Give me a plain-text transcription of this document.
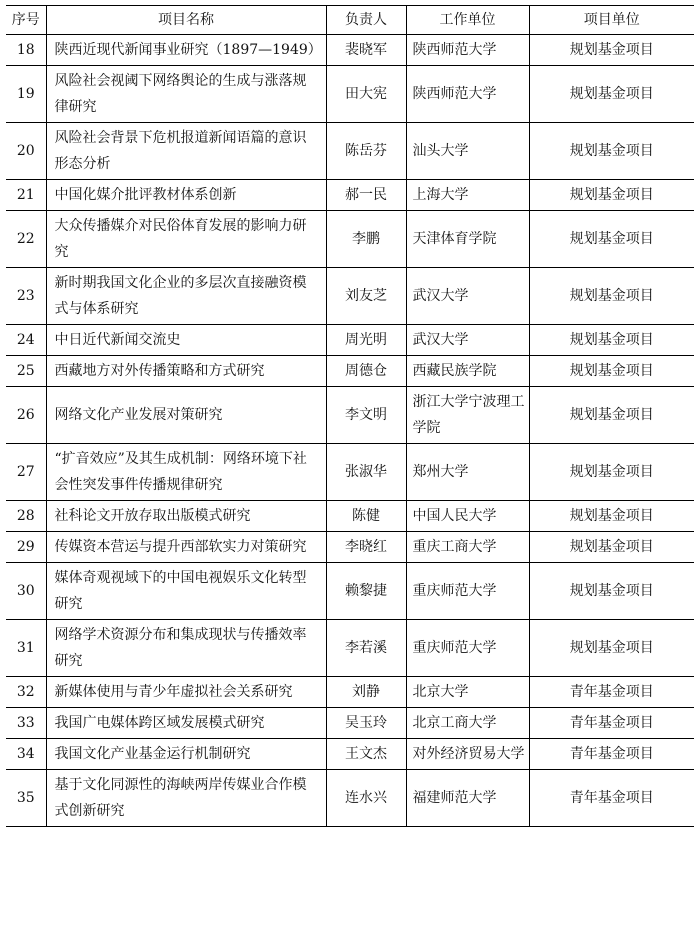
序号	项目名称	负责人	工作单位	项目单位
18	陕西近现代新闻事业研究（1897—1949）	裴晓军	陕西师范大学	规划基金项目
19	风险社会视阈下网络舆论的生成与涨落规律研究	田大宪	陕西师范大学	规划基金项目
20	风险社会背景下危机报道新闻语篇的意识形态分析	陈岳芬	汕头大学	规划基金项目
21	中国化媒介批评教材体系创新	郝一民	上海大学	规划基金项目
22	大众传播媒介对民俗体育发展的影响力研究	李鹏	天津体育学院	规划基金项目
23	新时期我国文化企业的多层次直接融资模式与体系研究	刘友芝	武汉大学	规划基金项目
24	中日近代新闻交流史	周光明	武汉大学	规划基金项目
25	西藏地方对外传播策略和方式研究	周德仓	西藏民族学院	规划基金项目
26	网络文化产业发展对策研究	李文明	浙江大学宁波理工学院	规划基金项目
27	“扩音效应”及其生成机制：网络环境下社会性突发事件传播规律研究	张淑华	郑州大学	规划基金项目
28	社科论文开放存取出版模式研究	陈健	中国人民大学	规划基金项目
29	传媒资本营运与提升西部软实力对策研究	李晓红	重庆工商大学	规划基金项目
30	媒体奇观视域下的中国电视娱乐文化转型研究	赖黎捷	重庆师范大学	规划基金项目
31	网络学术资源分布和集成现状与传播效率研究	李若溪	重庆师范大学	规划基金项目
32	新媒体使用与青少年虚拟社会关系研究	刘静	北京大学	青年基金项目
33	我国广电媒体跨区域发展模式研究	吴玉玲	北京工商大学	青年基金项目
34	我国文化产业基金运行机制研究	王文杰	对外经济贸易大学	青年基金项目
35	基于文化同源性的海峡两岸传媒业合作模式创新研究	连水兴	福建师范大学	青年基金项目
